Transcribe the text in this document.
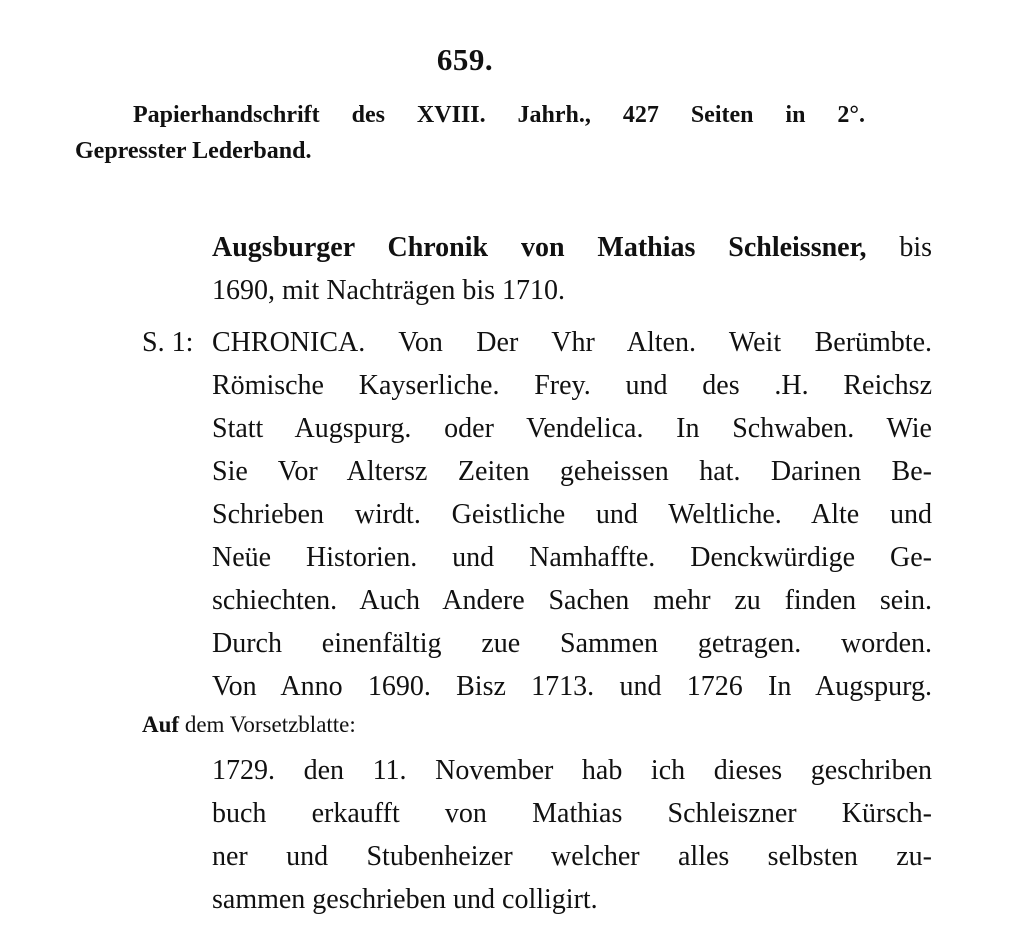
659.
Papierhandschrift des XVIII. Jahrh., 427 Seiten in 2°.
Gepresster Lederband.
Augsburger Chronik von Mathias Schleissner, bis
1690, mit Nachträgen bis 1710.
S. 1: CHRONICA. Von Der Vhr Alten. Weit Berümbte.
Römische Kayserliche. Frey. und des .H. Reichsz
Statt Augspurg. oder Vendelica. In Schwaben. Wie
Sie Vor Altersz Zeiten geheissen hat. Darinen Be-
Schrieben wirdt. Geistliche und Weltliche. Alte und
Neüe Historien. und Namhaffte. Denckwürdige Ge-
schiechten. Auch Andere Sachen mehr zu finden sein.
Durch einenfältig zue Sammen getragen. worden.
Von Anno 1690. Bisz 1713. und 1726 In Augspurg.
Auf dem Vorsetzblatte:
1729. den 11. November hab ich dieses geschriben
buch erkaufft von Mathias Schleiszner Kürsch-
ner und Stubenheizer welcher alles selbsten zu-
sammen geschrieben und colligirt.
